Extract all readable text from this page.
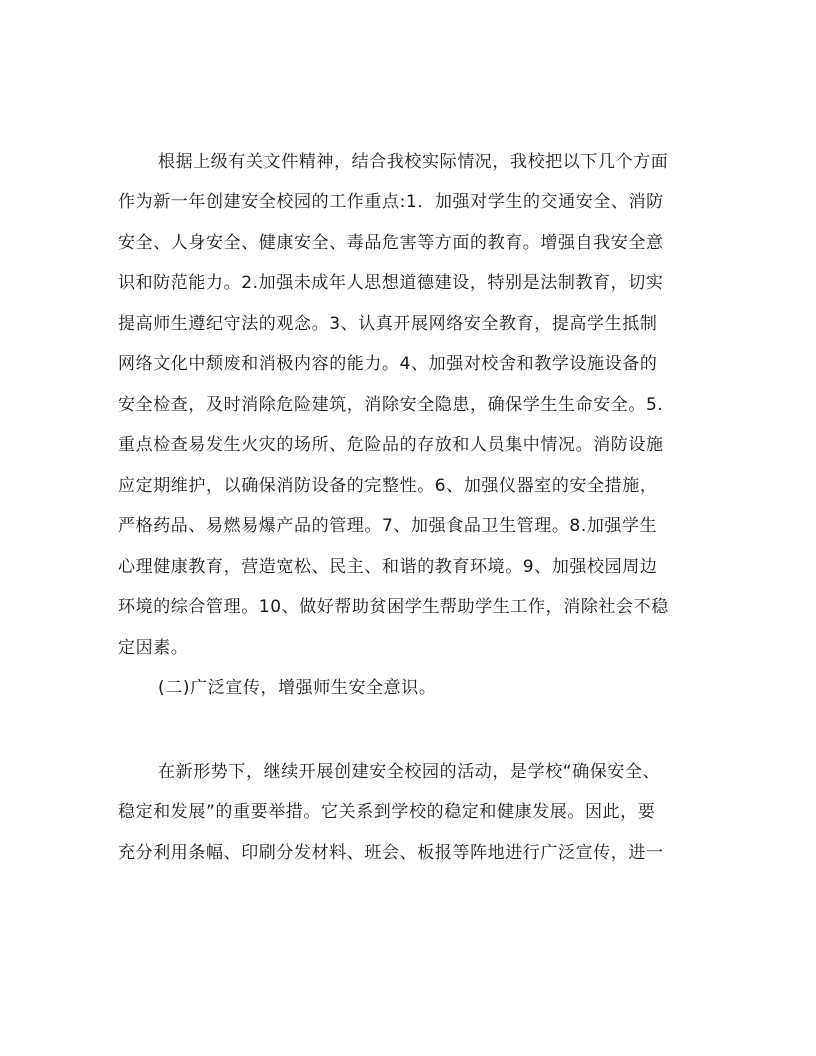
根据上级有关文件精神，结合我校实际情况，我校把以下几个方面
作为新一年创建安全校园的工作重点:1．加强对学生的交通安全、消防
安全、人身安全、健康安全、毒品危害等方面的教育。增强自我安全意
识和防范能力。2.加强未成年人思想道德建设，特别是法制教育，切实
提高师生遵纪守法的观念。3、认真开展网络安全教育，提高学生抵制
网络文化中颓废和消极内容的能力。4、加强对校舍和教学设施设备的
安全检查，及时消除危险建筑，消除安全隐患，确保学生生命安全。5.
重点检查易发生火灾的场所、危险品的存放和人员集中情况。消防设施
应定期维护，以确保消防设备的完整性。6、加强仪器室的安全措施，
严格药品、易燃易爆产品的管理。7、加强食品卫生管理。8.加强学生
心理健康教育，营造宽松、民主、和谐的教育环境。9、加强校园周边
环境的综合管理。10、做好帮助贫困学生帮助学生工作，消除社会不稳
定因素。
(二)广泛宣传，增强师生安全意识。
在新形势下，继续开展创建安全校园的活动，是学校“确保安全、
稳定和发展”的重要举措。它关系到学校的稳定和健康发展。因此，要
充分利用条幅、印刷分发材料、班会、板报等阵地进行广泛宣传，进一
